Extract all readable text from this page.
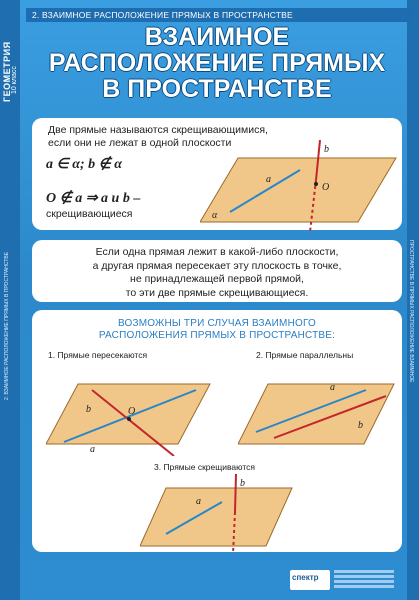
ГЕОМЕТРИЯ 10 класс
2. ВЗАИМНОЕ РАСПОЛОЖЕНИЕ ПРЯМЫХ В ПРОСТРАНСТВЕ	ПРОСТРАНСТВЕ В ПРЯМЫХ РАСПОЛОЖЕНИЕ ВЗАИМНОЕ
2. ВЗАИМНОЕ РАСПОЛОЖЕНИЕ ПРЯМЫХ В ПРОСТРАНСТВЕ
ВЗАИМНОЕ
РАСПОЛОЖЕНИЕ ПРЯМЫХ
В ПРОСТРАНСТВЕ
Две прямые называются скрещивающимися,
если они не лежат в одной плоскости
a ∈ α; b ∉ α
O ∉ a ⇒ a и b –
скрещивающиеся
a
b
O
α
Если одна прямая лежит в какой-либо плоскости,
а другая прямая пересекает эту плоскость в точке,
не принадлежащей первой прямой,
то эти две прямые скрещивающиеся.
ВОЗМОЖНЫ ТРИ СЛУЧАЯ ВЗАИМНОГО
РАСПОЛОЖЕНИЯ ПРЯМЫХ В ПРОСТРАНСТВЕ:
1. Прямые пересекаются
b	O
a
2. Прямые параллельны
a
b
3. Прямые скрещиваются
a
b
спектр
